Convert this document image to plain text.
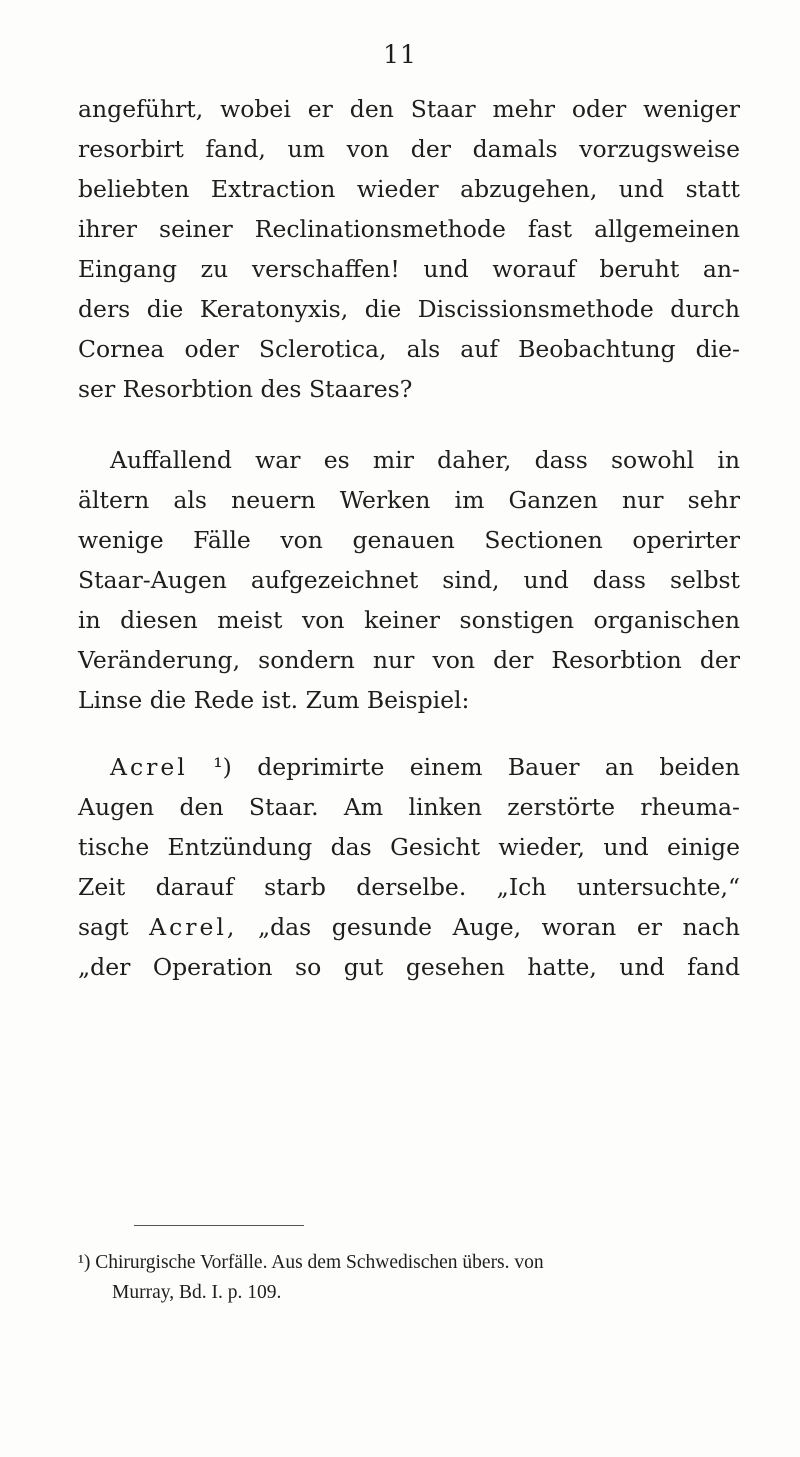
11
angeführt, wobei er den Staar mehr oder weniger
resorbirt fand, um von der damals vorzugsweise
beliebten Extraction wieder abzugehen, und statt
ihrer seiner Reclinationsmethode fast allgemeinen
Eingang zu verschaffen! und worauf beruht an-
ders die Keratonyxis, die Discissionsmethode durch
Cornea oder Sclerotica, als auf Beobachtung die-
ser Resorbtion des Staares?
Auffallend war es mir daher, dass sowohl in
ältern als neuern Werken im Ganzen nur sehr
wenige Fälle von genauen Sectionen operirter
Staar-Augen aufgezeichnet sind, und dass selbst
in diesen meist von keiner sonstigen organischen
Veränderung, sondern nur von der Resorbtion der
Linse die Rede ist. Zum Beispiel:
Acrel ¹) deprimirte einem Bauer an beiden
Augen den Staar. Am linken zerstörte rheuma-
tische Entzündung das Gesicht wieder, und einige
Zeit darauf starb derselbe. „Ich untersuchte,“
sagt Acrel, „das gesunde Auge, woran er nach
„der Operation so gut gesehen hatte, und fand
¹) Chirurgische Vorfälle. Aus dem Schwedischen übers. von
Murray, Bd. I. p. 109.
